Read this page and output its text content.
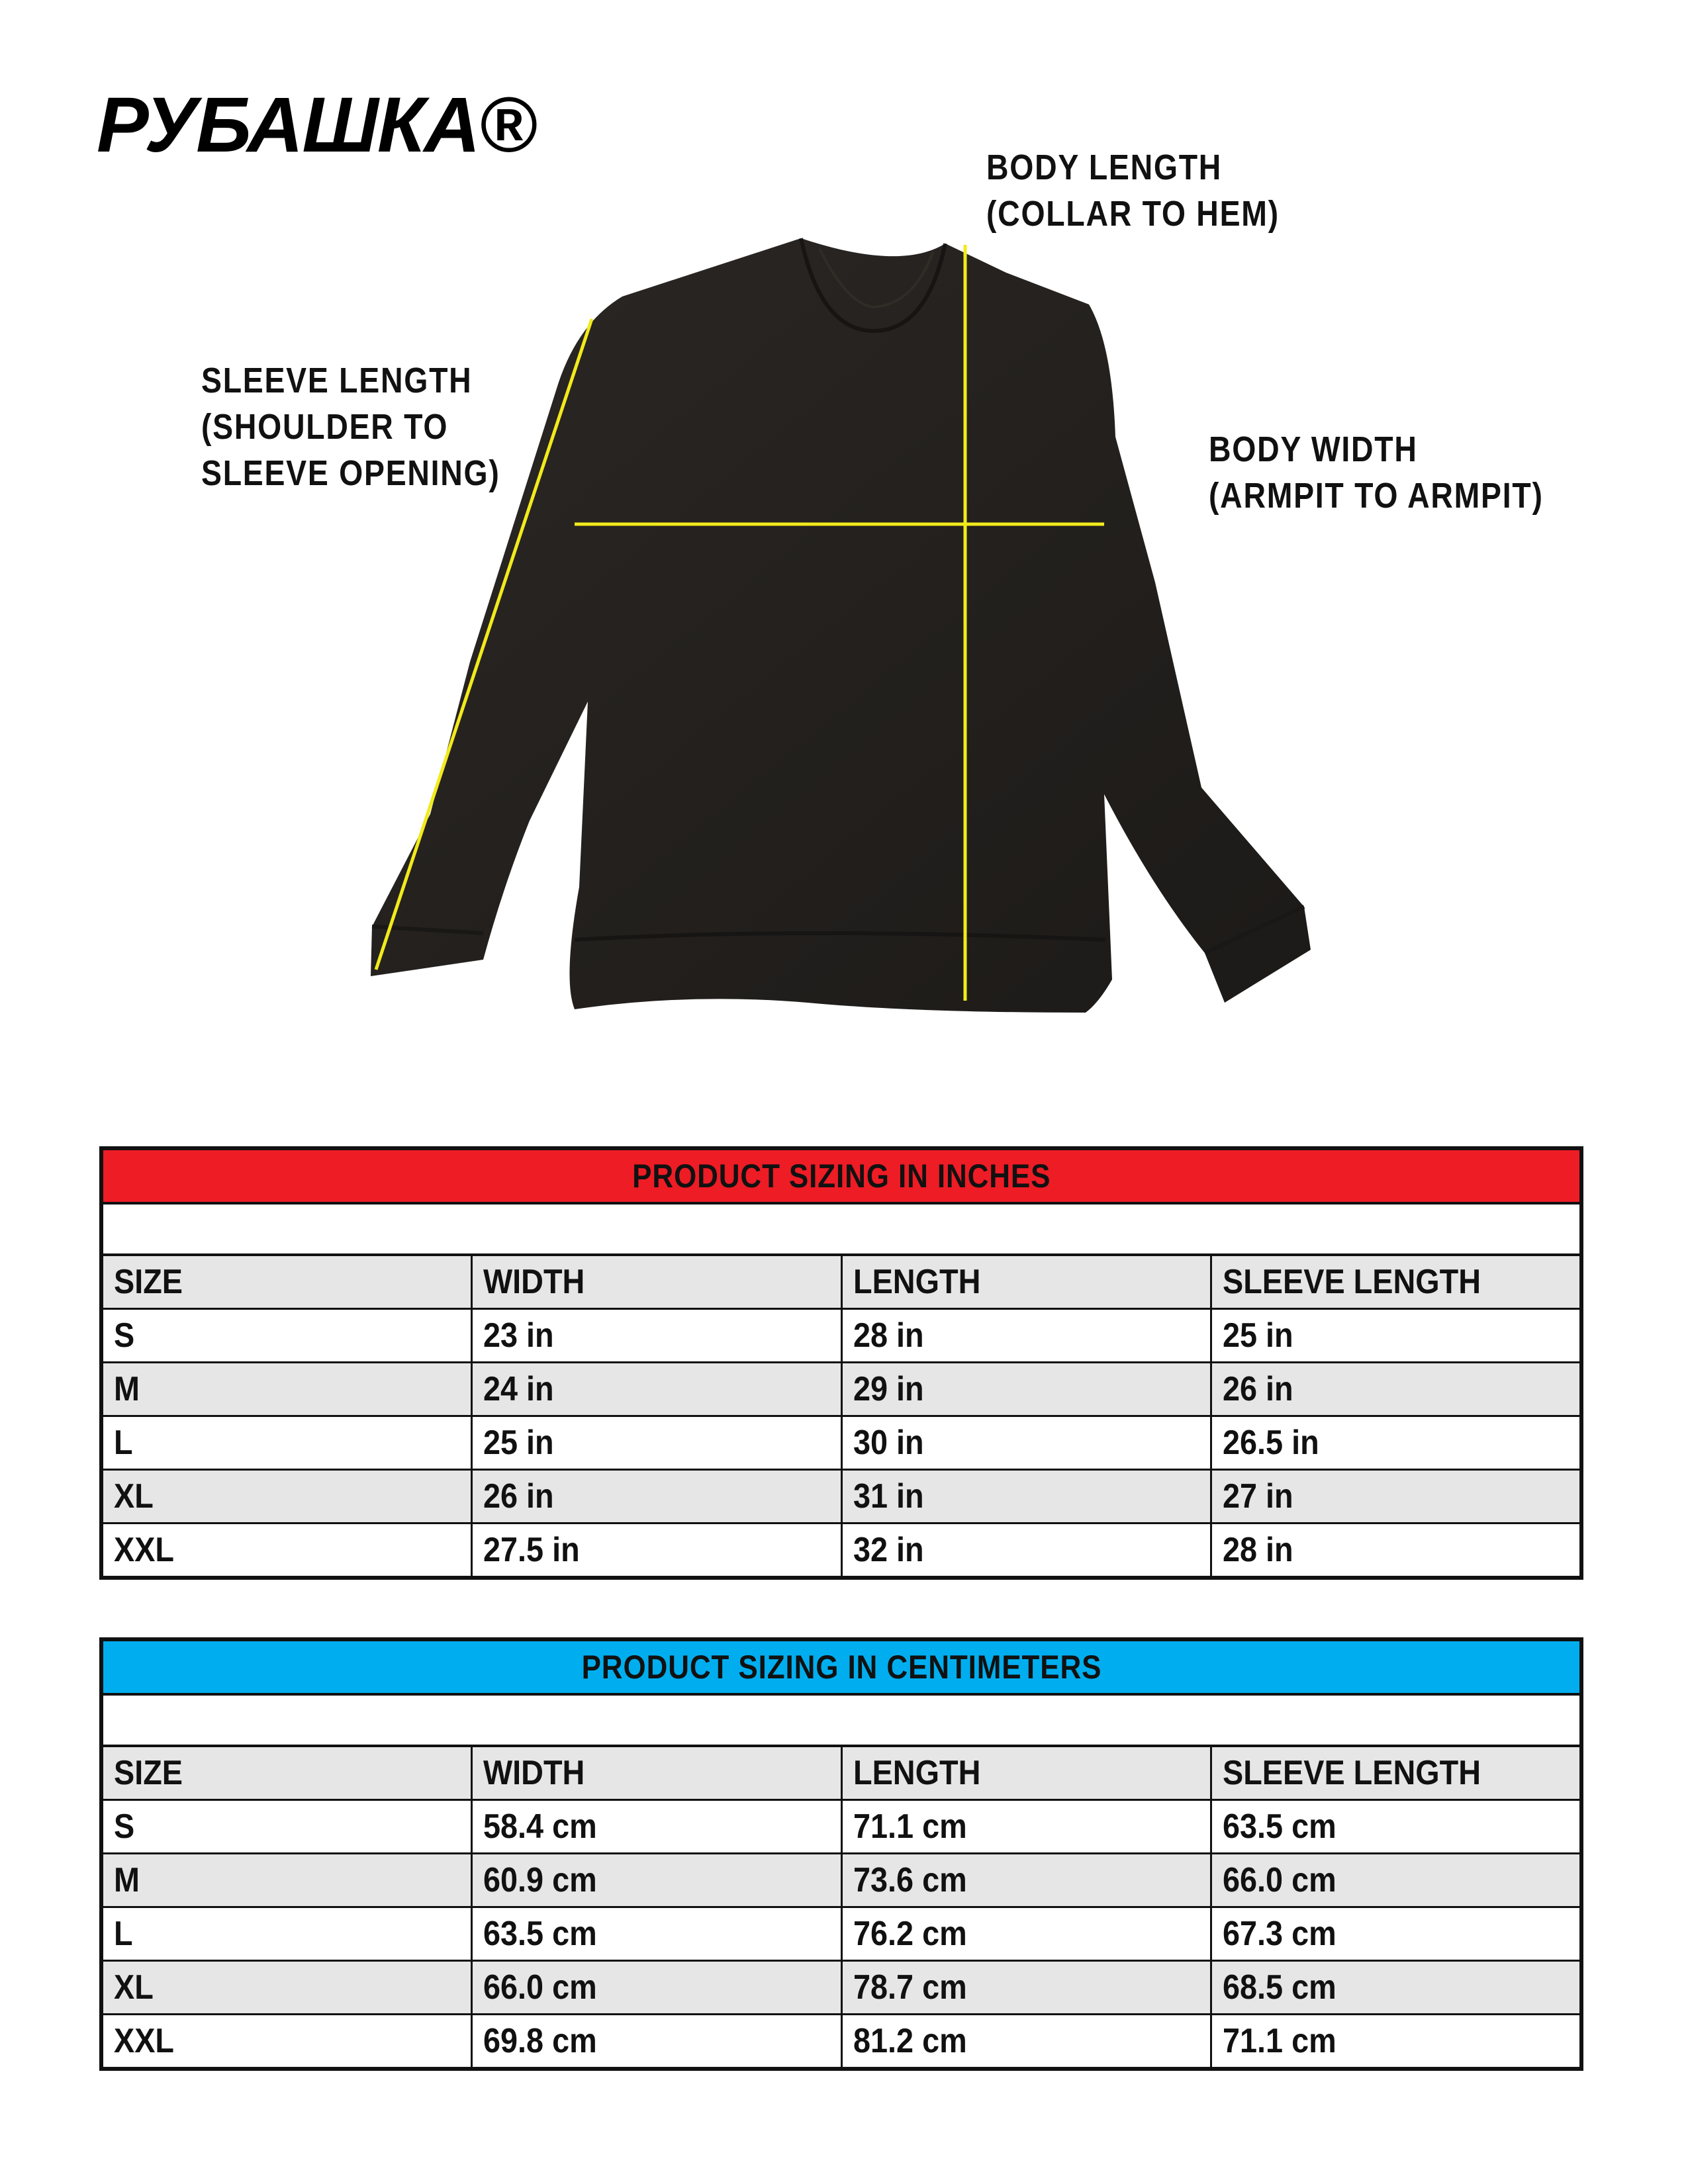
РУБАШКА®	BODY LENGTH
(COLLAR TO HEM)
SLEEVE LENGTH
(SHOULDER TO
SLEEVE OPENING)
BODY WIDTH
(ARMPIT TO ARMPIT)
PRODUCT SIZING IN INCHES
SIZE	WIDTH	LENGTH	SLEEVE LENGTH
S	23 in	28 in	25 in
M	24 in	29 in	26 in
L	25 in	30 in	26.5 in
XL	26 in	31 in	27 in
XXL	27.5 in	32 in	28 in
PRODUCT SIZING IN CENTIMETERS
SIZE	WIDTH	LENGTH	SLEEVE LENGTH
S	58.4 cm	71.1 cm	63.5 cm
M	60.9 cm	73.6 cm	66.0 cm
L	63.5 cm	76.2 cm	67.3 cm
XL	66.0 cm	78.7 cm	68.5 cm
XXL	69.8 cm	81.2 cm	71.1 cm
